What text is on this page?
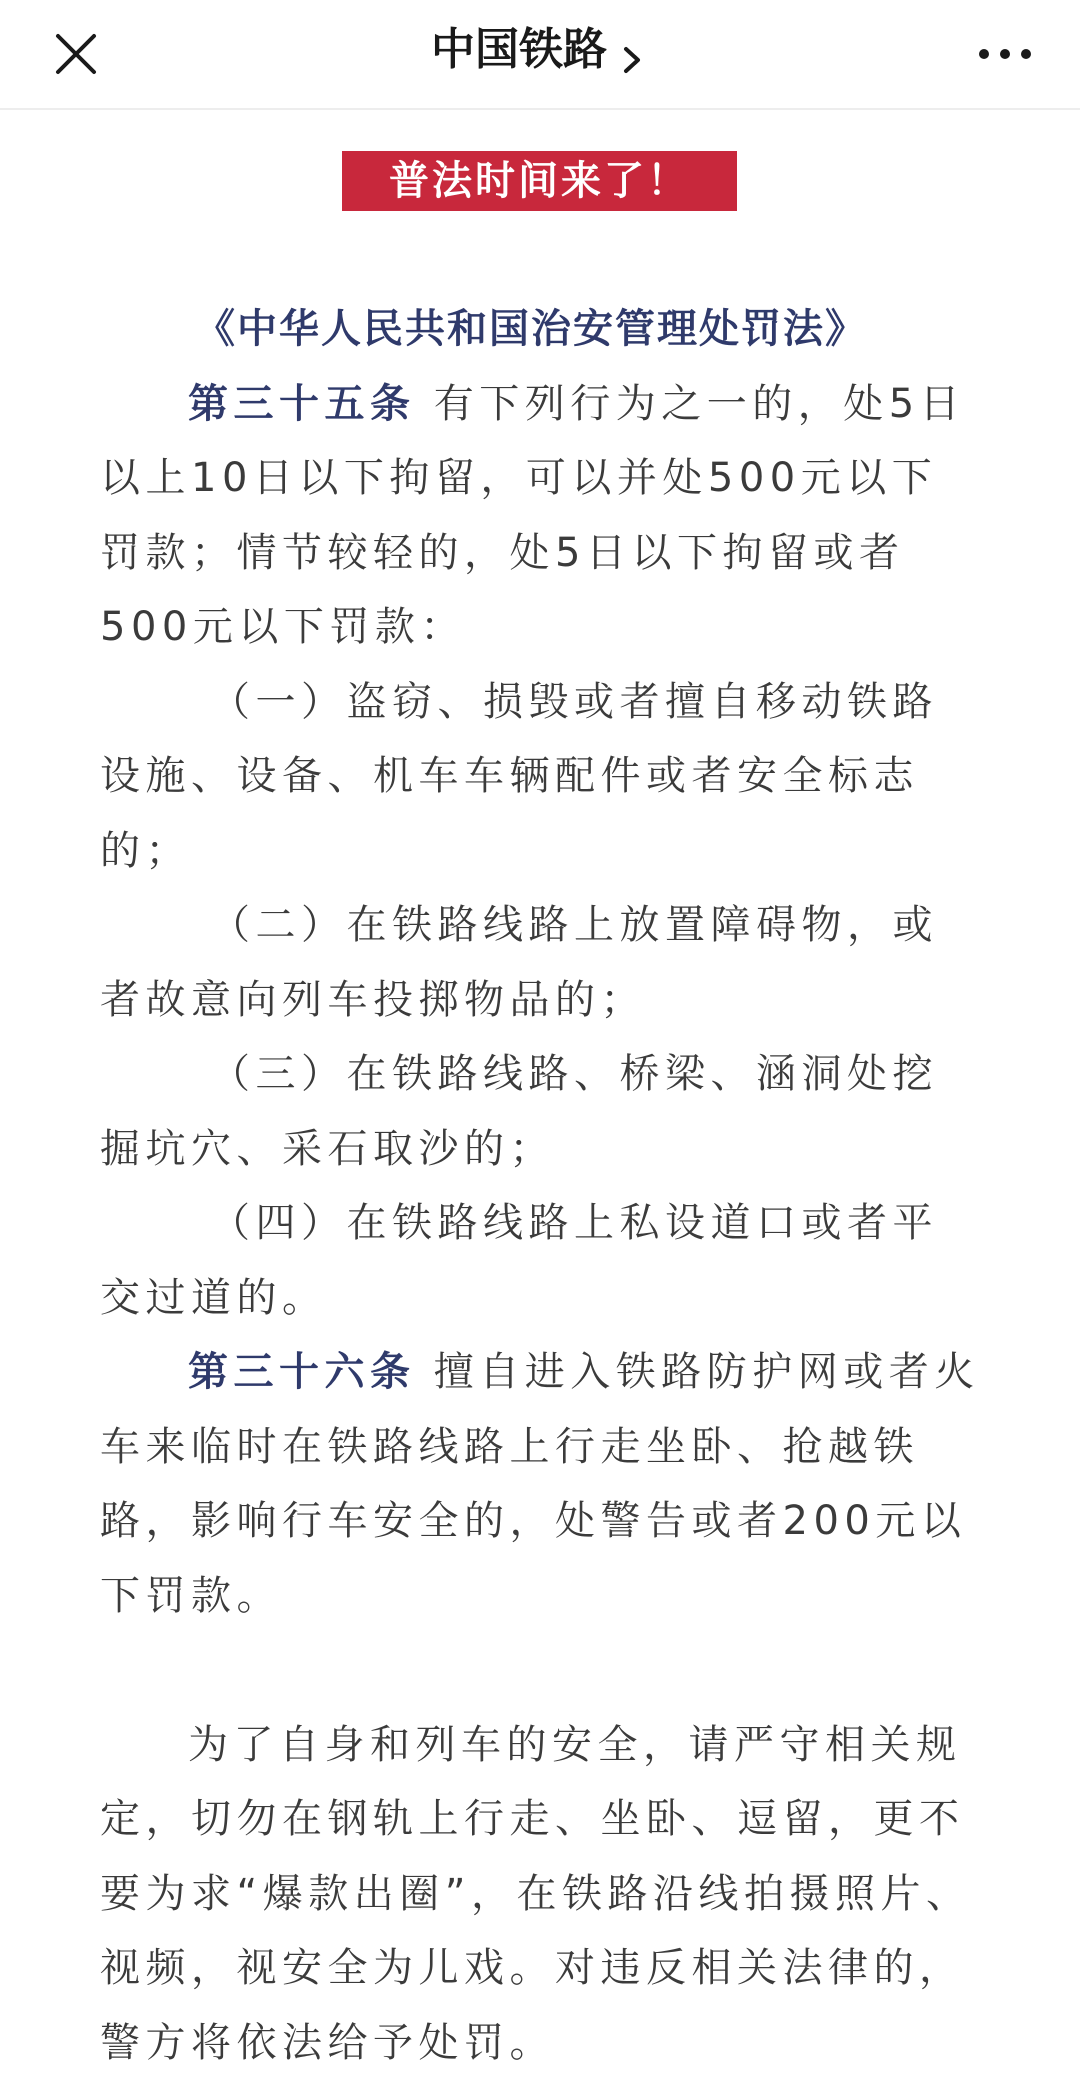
中国铁路
普法时间来了！

《中华人民共和国治安管理处罚法》

第三十五条 有下列行为之一的，处5日以上10日以下拘留，可以并处500元以下罚款；情节较轻的，处5日以下拘留或者500元以下罚款：

（一）盗窃、损毁或者擅自移动铁路设施、设备、机车车辆配件或者安全标志的；

（二）在铁路线路上放置障碍物，或者故意向列车投掷物品的；

（三）在铁路线路、桥梁、涵洞处挖掘坑穴、采石取沙的；

（四）在铁路线路上私设道口或者平交过道的。

第三十六条 擅自进入铁路防护网或者火车来临时在铁路线路上行走坐卧、抢越铁路，影响行车安全的，处警告或者200元以下罚款。

为了自身和列车的安全，请严守相关规定，切勿在钢轨上行走、坐卧、逗留，更不要为求“爆款出圈”，在铁路沿线拍摄照片、视频，视安全为儿戏。对违反相关法律的，警方将依法给予处罚。
